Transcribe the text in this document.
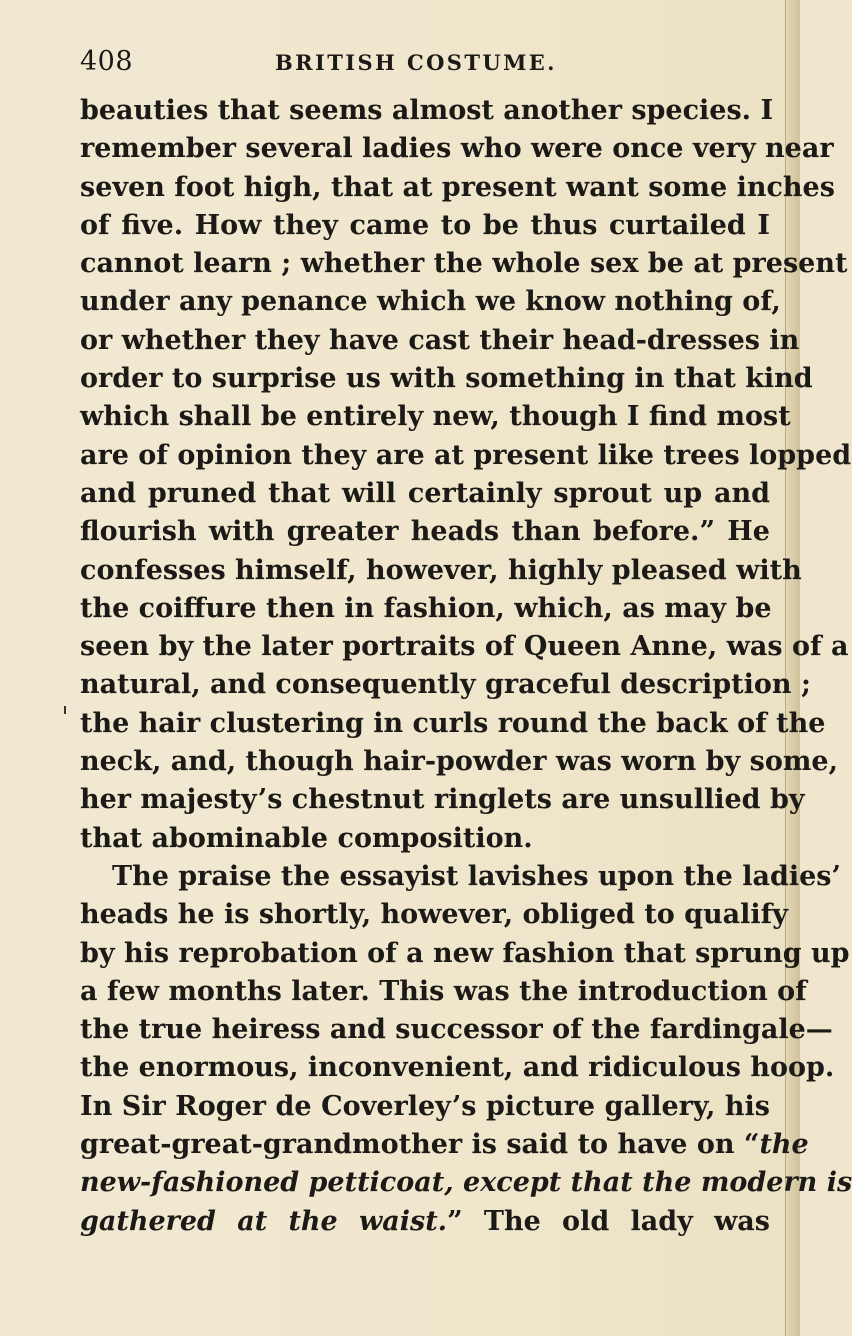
408	BRITISH COSTUME.
beauties that seems almost another species. I
remember several ladies who were once very near
seven foot high, that at present want some inches
of five. How they came to be thus curtailed I
cannot learn ; whether the whole sex be at present
under any penance which we know nothing of,
or whether they have cast their head-dresses in
order to surprise us with something in that kind
which shall be entirely new, though I find most
are of opinion they are at present like trees lopped
and pruned that will certainly sprout up and
flourish with greater heads than before.” He
confesses himself, however, highly pleased with
the coiffure then in fashion, which, as may be
seen by the later portraits of Queen Anne, was of a
natural, and consequently graceful description ;
the hair clustering in curls round the back of the
neck, and, though hair-powder was worn by some,
her majesty’s chestnut ringlets are unsullied by
that abominable composition.
The praise the essayist lavishes upon the ladies’
heads he is shortly, however, obliged to qualify
by his reprobation of a new fashion that sprung up
a few months later. This was the introduction of
the true heiress and successor of the fardingale—
the enormous, inconvenient, and ridiculous hoop.
In Sir Roger de Coverley’s picture gallery, his
great-great-grandmother is said to have on “the
new-fashioned petticoat, except that the modern is
gathered at the waist.” The old lady was
